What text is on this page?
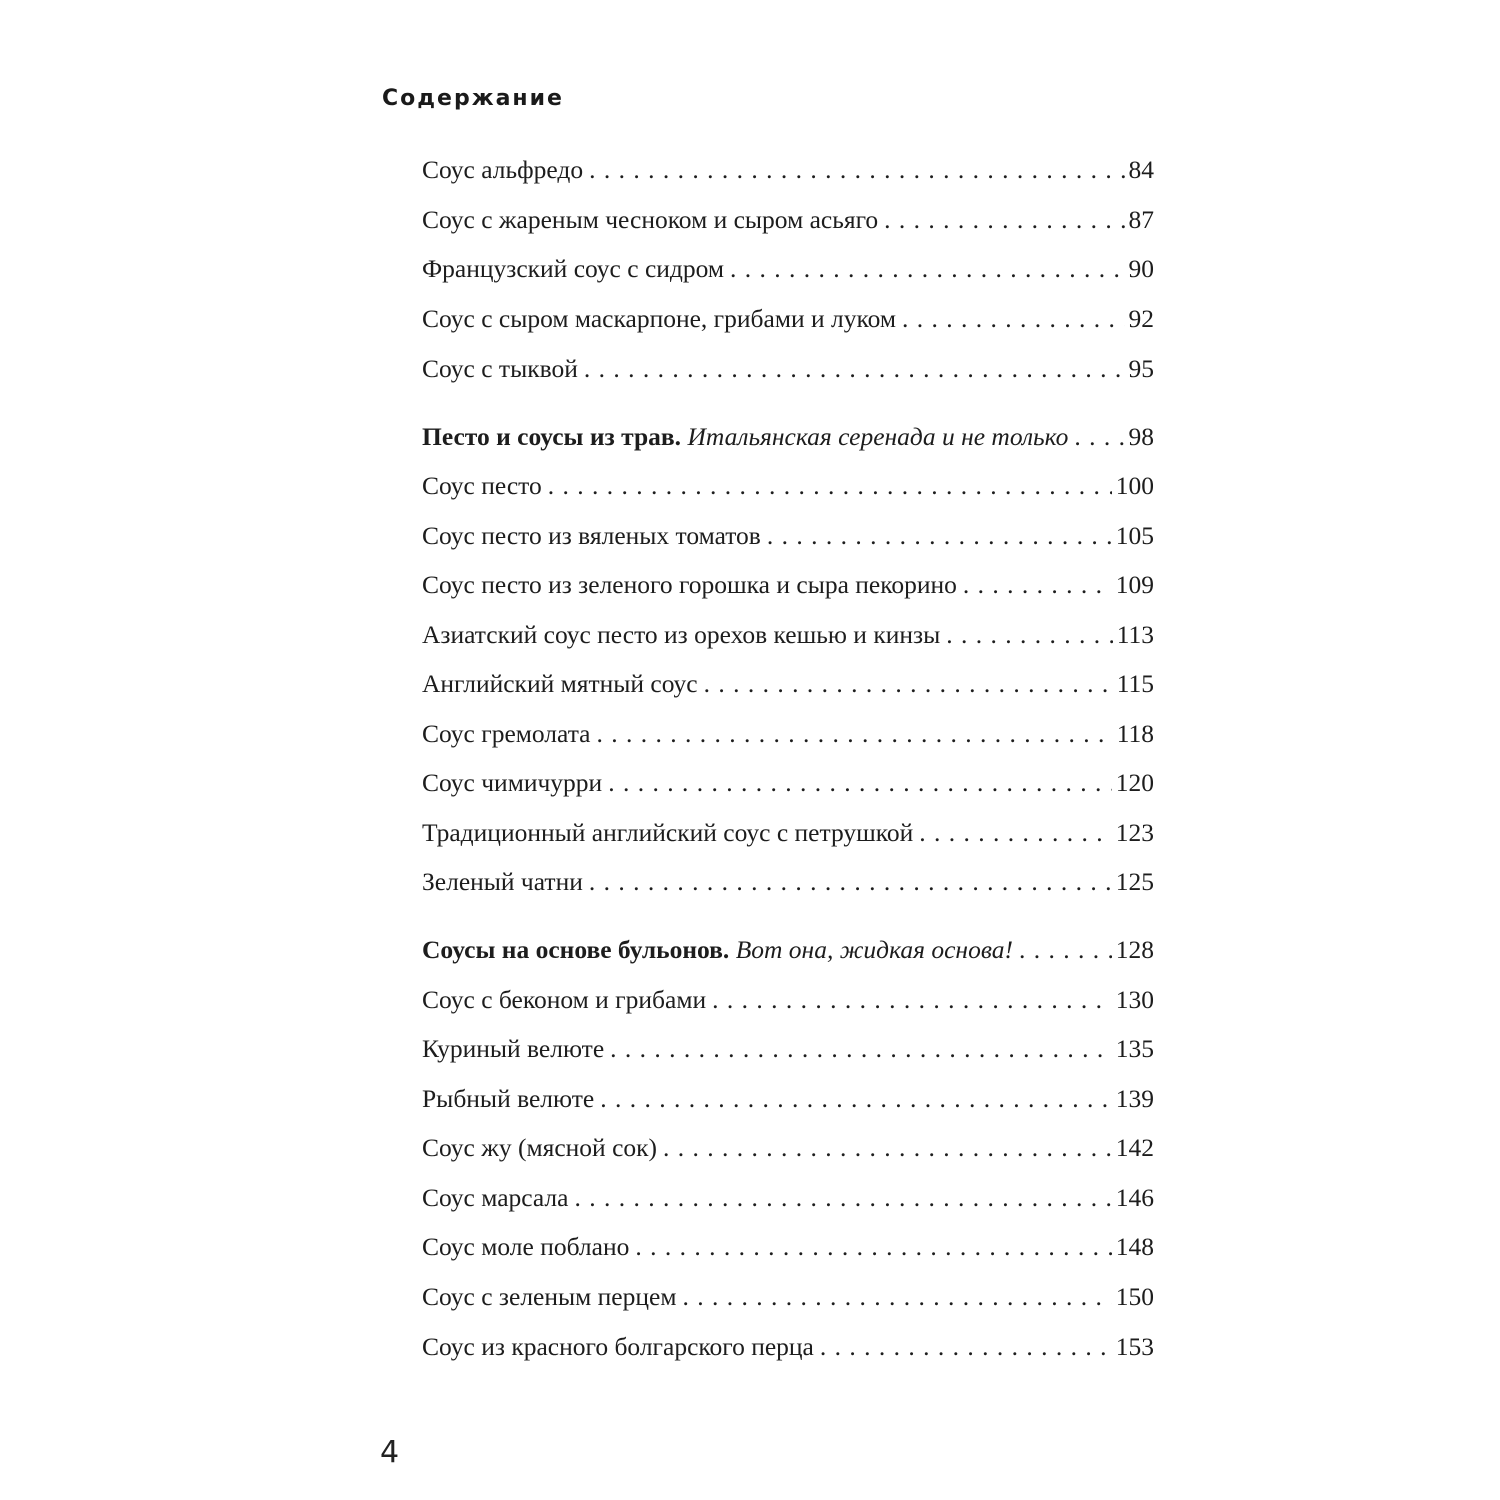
Содержание
Соус альфредо . . .	84
Соус с жареным чесноком и сыром асьяго . . .	87
Французский соус с сидром . . .	90
Соус с сыром маскарпоне, грибами и луком . . .	92
Соус с тыквой . . .	95
Песто и соусы из трав. Итальянская серенада и не только . . . 98
Соус песто . . .	100
Соус песто из вяленых томатов . . .	105
Соус песто из зеленого горошка и сыра пекорино . . .	109
Азиатский соус песто из орехов кешью и кинзы . . .	113
Английский мятный соус . . .	115
Соус гремолата . . .	118
Соус чимичурри . . .	120
Традиционный английский соус с петрушкой . . .	123
Зеленый чатни . . .	125
Соусы на основе бульонов. Вот она, жидкая основа! . . .	128
Соус с беконом и грибами . . .	130
Куриный велюте . . .	135
Рыбный велюте . . .	139
Соус жу (мясной сок) . . .	142
Соус марсала . . .	146
Соус моле поблано . . .	148
Соус с зеленым перцем . . .	150
Соус из красного болгарского перца . . .	153
4
